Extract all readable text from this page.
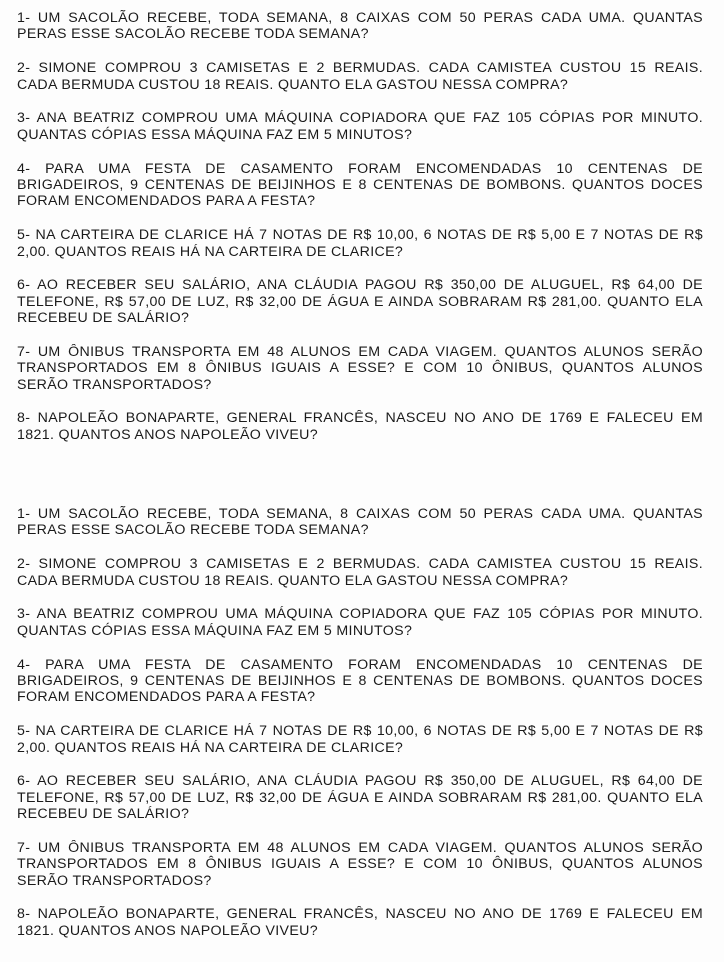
1- UM SACOLÃO RECEBE, TODA SEMANA, 8 CAIXAS COM 50 PERAS CADA UMA. QUANTAS
PERAS ESSE SACOLÃO RECEBE TODA SEMANA?
2- SIMONE COMPROU 3 CAMISETAS E 2 BERMUDAS. CADA CAMISTEA CUSTOU 15 REAIS.
CADA BERMUDA CUSTOU 18 REAIS. QUANTO ELA GASTOU NESSA COMPRA?
3- ANA BEATRIZ COMPROU UMA MÁQUINA COPIADORA QUE FAZ 105 CÓPIAS POR MINUTO.
QUANTAS CÓPIAS ESSA MÁQUINA FAZ EM 5 MINUTOS?
4- PARA UMA FESTA DE CASAMENTO FORAM ENCOMENDADAS 10 CENTENAS DE
BRIGADEIROS, 9 CENTENAS DE BEIJINHOS E 8 CENTENAS DE BOMBONS. QUANTOS DOCES
FORAM ENCOMENDADOS PARA A FESTA?
5- NA CARTEIRA DE CLARICE HÁ 7 NOTAS DE R$ 10,00, 6 NOTAS DE R$ 5,00 E 7 NOTAS DE R$
2,00. QUANTOS REAIS HÁ NA CARTEIRA DE CLARICE?
6- AO RECEBER SEU SALÁRIO, ANA CLÁUDIA PAGOU R$ 350,00 DE ALUGUEL, R$ 64,00 DE
TELEFONE, R$ 57,00 DE LUZ, R$ 32,00 DE ÁGUA E AINDA SOBRARAM R$ 281,00. QUANTO ELA
RECEBEU DE SALÁRIO?
7- UM ÔNIBUS TRANSPORTA EM 48 ALUNOS EM CADA VIAGEM. QUANTOS ALUNOS SERÃO
TRANSPORTADOS EM 8 ÔNIBUS IGUAIS A ESSE? E COM 10 ÔNIBUS, QUANTOS ALUNOS
SERÃO TRANSPORTADOS?
8- NAPOLEÃO BONAPARTE, GENERAL FRANCÊS, NASCEU NO ANO DE 1769 E FALECEU EM
1821. QUANTOS ANOS NAPOLEÃO VIVEU?
1- UM SACOLÃO RECEBE, TODA SEMANA, 8 CAIXAS COM 50 PERAS CADA UMA. QUANTAS
PERAS ESSE SACOLÃO RECEBE TODA SEMANA?
2- SIMONE COMPROU 3 CAMISETAS E 2 BERMUDAS. CADA CAMISTEA CUSTOU 15 REAIS.
CADA BERMUDA CUSTOU 18 REAIS. QUANTO ELA GASTOU NESSA COMPRA?
3- ANA BEATRIZ COMPROU UMA MÁQUINA COPIADORA QUE FAZ 105 CÓPIAS POR MINUTO.
QUANTAS CÓPIAS ESSA MÁQUINA FAZ EM 5 MINUTOS?
4- PARA UMA FESTA DE CASAMENTO FORAM ENCOMENDADAS 10 CENTENAS DE
BRIGADEIROS, 9 CENTENAS DE BEIJINHOS E 8 CENTENAS DE BOMBONS. QUANTOS DOCES
FORAM ENCOMENDADOS PARA A FESTA?
5- NA CARTEIRA DE CLARICE HÁ 7 NOTAS DE R$ 10,00, 6 NOTAS DE R$ 5,00 E 7 NOTAS DE R$
2,00. QUANTOS REAIS HÁ NA CARTEIRA DE CLARICE?
6- AO RECEBER SEU SALÁRIO, ANA CLÁUDIA PAGOU R$ 350,00 DE ALUGUEL, R$ 64,00 DE
TELEFONE, R$ 57,00 DE LUZ, R$ 32,00 DE ÁGUA E AINDA SOBRARAM R$ 281,00. QUANTO ELA
RECEBEU DE SALÁRIO?
7- UM ÔNIBUS TRANSPORTA EM 48 ALUNOS EM CADA VIAGEM. QUANTOS ALUNOS SERÃO
TRANSPORTADOS EM 8 ÔNIBUS IGUAIS A ESSE? E COM 10 ÔNIBUS, QUANTOS ALUNOS
SERÃO TRANSPORTADOS?
8- NAPOLEÃO BONAPARTE, GENERAL FRANCÊS, NASCEU NO ANO DE 1769 E FALECEU EM
1821. QUANTOS ANOS NAPOLEÃO VIVEU?
